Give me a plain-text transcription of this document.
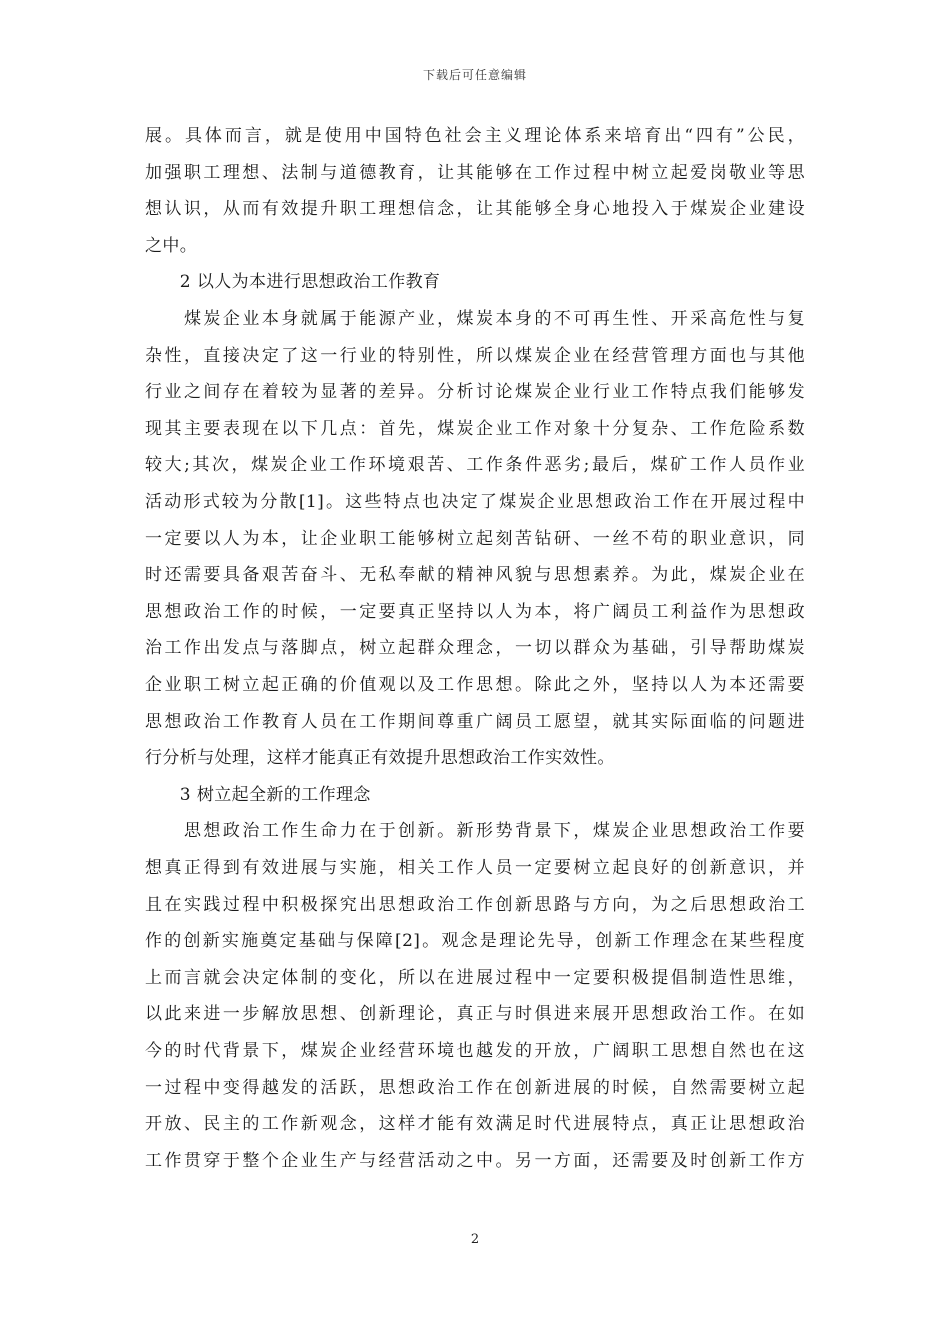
下载后可任意编辑
展。具体而言，就是使用中国特色社会主义理论体系来培育出“四有”公民，
加强职工理想、法制与道德教育，让其能够在工作过程中树立起爱岗敬业等思
想认识，从而有效提升职工理想信念，让其能够全身心地投入于煤炭企业建设
之中。
　　2 以人为本进行思想政治工作教育
　　煤炭企业本身就属于能源产业，煤炭本身的不可再生性、开采高危性与复
杂性，直接决定了这一行业的特别性，所以煤炭企业在经营管理方面也与其他
行业之间存在着较为显著的差异。分析讨论煤炭企业行业工作特点我们能够发
现其主要表现在以下几点：首先，煤炭企业工作对象十分复杂、工作危险系数
较大;其次，煤炭企业工作环境艰苦、工作条件恶劣;最后，煤矿工作人员作业
活动形式较为分散[1]。这些特点也决定了煤炭企业思想政治工作在开展过程中
一定要以人为本，让企业职工能够树立起刻苦钻研、一丝不苟的职业意识，同
时还需要具备艰苦奋斗、无私奉献的精神风貌与思想素养。为此，煤炭企业在
思想政治工作的时候，一定要真正坚持以人为本，将广阔员工利益作为思想政
治工作出发点与落脚点，树立起群众理念，一切以群众为基础，引导帮助煤炭
企业职工树立起正确的价值观以及工作思想。除此之外，坚持以人为本还需要
思想政治工作教育人员在工作期间尊重广阔员工愿望，就其实际面临的问题进
行分析与处理，这样才能真正有效提升思想政治工作实效性。
　　3 树立起全新的工作理念
　　思想政治工作生命力在于创新。新形势背景下，煤炭企业思想政治工作要
想真正得到有效进展与实施，相关工作人员一定要树立起良好的创新意识，并
且在实践过程中积极探究出思想政治工作创新思路与方向，为之后思想政治工
作的创新实施奠定基础与保障[2]。观念是理论先导，创新工作理念在某些程度
上而言就会决定体制的变化，所以在进展过程中一定要积极提倡制造性思维，
以此来进一步解放思想、创新理论，真正与时俱进来展开思想政治工作。在如
今的时代背景下，煤炭企业经营环境也越发的开放，广阔职工思想自然也在这
一过程中变得越发的活跃，思想政治工作在创新进展的时候，自然需要树立起
开放、民主的工作新观念，这样才能有效满足时代进展特点，真正让思想政治
工作贯穿于整个企业生产与经营活动之中。另一方面，还需要及时创新工作方
2
